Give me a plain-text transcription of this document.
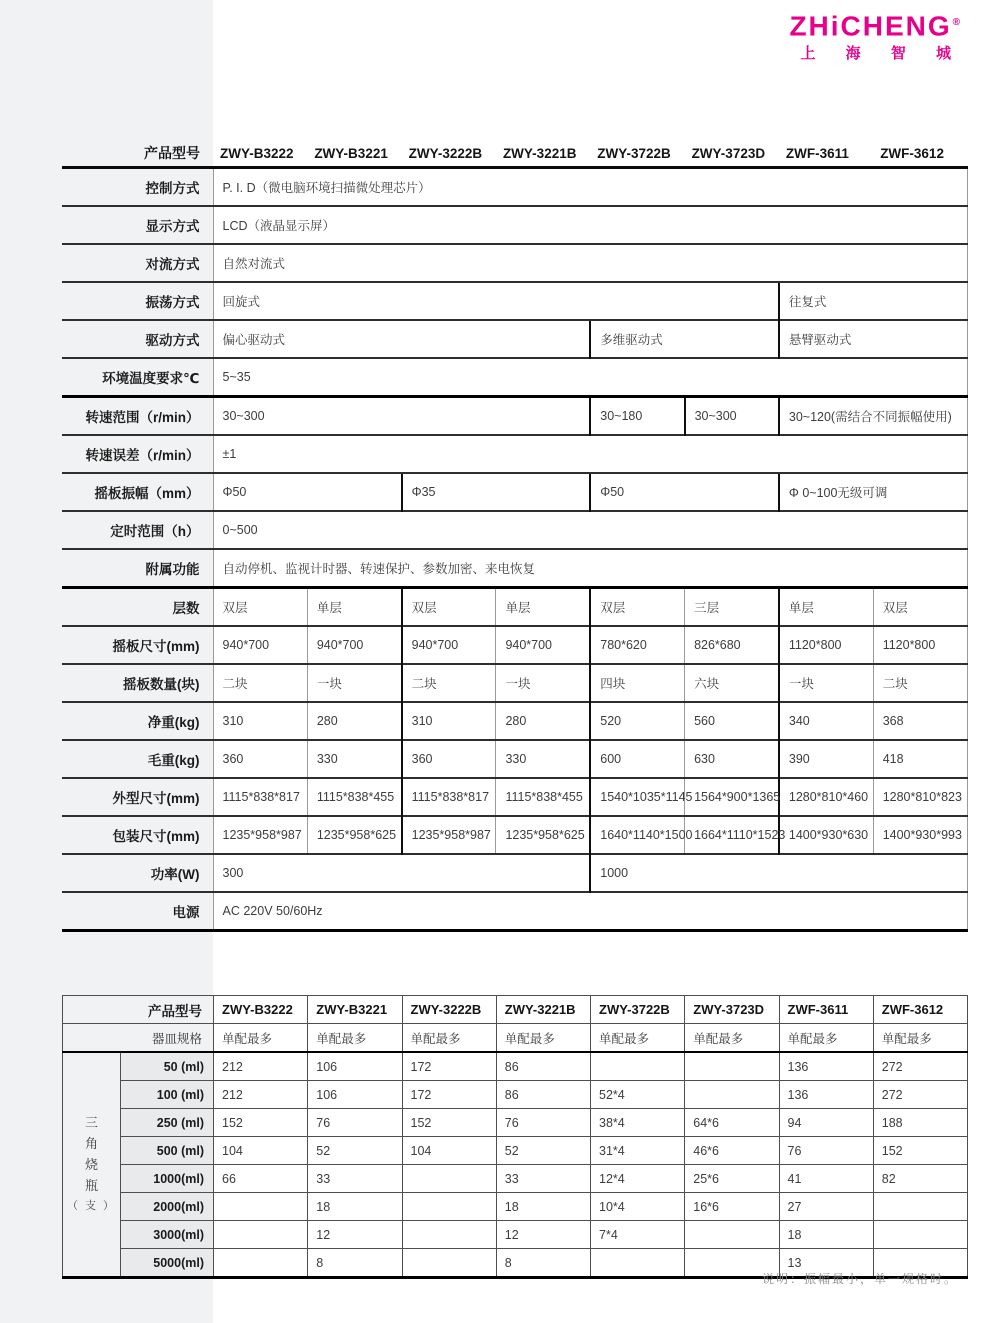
ZHiCHENG®
上 海 智 城
产品型号	ZWY-B3222	ZWY-B3221	ZWY-3222B	ZWY-3221B	ZWY-3722B	ZWY-3723D	ZWF-3611	ZWF-3612
控制方式	P. I. D（微电脑环境扫描微处理芯片）							
显示方式	LCD（液晶显示屏）							
对流方式	自然对流式							
振荡方式	回旋式						往复式	
驱动方式	偏心驱动式				多维驱动式		悬臂驱动式	
环境温度要求℃	5~35							
转速范围（r/min）	30~300				30~180	30~300	30~120(需结合不同振幅使用)	
转速误差（r/min）	±1							
摇板振幅（mm）	Φ50		Φ35		Φ50		Φ 0~100无级可调	
定时范围（h）	0~500							
附属功能	自动停机、监视计时器、转速保护、参数加密、来电恢复							
层数	双层	单层	双层	单层	双层	三层	单层	双层
摇板尺寸(mm)	940*700	940*700	940*700	940*700	780*620	826*680	1120*800	1120*800
摇板数量(块)	二块	一块	二块	一块	四块	六块	一块	二块
净重(kg)	310	280	310	280	520	560	340	368
毛重(kg)	360	330	360	330	600	630	390	418
外型尺寸(mm)	1115*838*817	1115*838*455	1115*838*817	1115*838*455	1540*1035*1145	1564*900*1365	1280*810*460	1280*810*823
包装尺寸(mm)	1235*958*987	1235*958*625	1235*958*987	1235*958*625	1640*1140*1500	1664*1110*1523	1400*930*630	1400*930*993
功率(W)	300				1000			
电源	AC 220V 50/60Hz							
产品型号		ZWY-B3222	ZWY-B3221	ZWY-3222B	ZWY-3221B	ZWY-3722B	ZWY-3723D	ZWF-3611	ZWF-3612
器皿规格		单配最多	单配最多	单配最多	单配最多	单配最多	单配最多	单配最多	单配最多

三
角
烧
瓶
（ 支 ）	50 (ml)	212	106	172	86			136	272
	100 (ml)	212	106	172	86	52*4		136	272
	250 (ml)	152	76	152	76	38*4	64*6	94	188
	500 (ml)	104	52	104	52	31*4	46*6	76	152
	1000(ml)	66	33		33	12*4	25*6	41	82
	2000(ml)		18		18	10*4	16*6	27	
	3000(ml)		12		12	7*4		18	
	5000(ml)		8		8			13	
说明：振幅最小，单一规格时。
